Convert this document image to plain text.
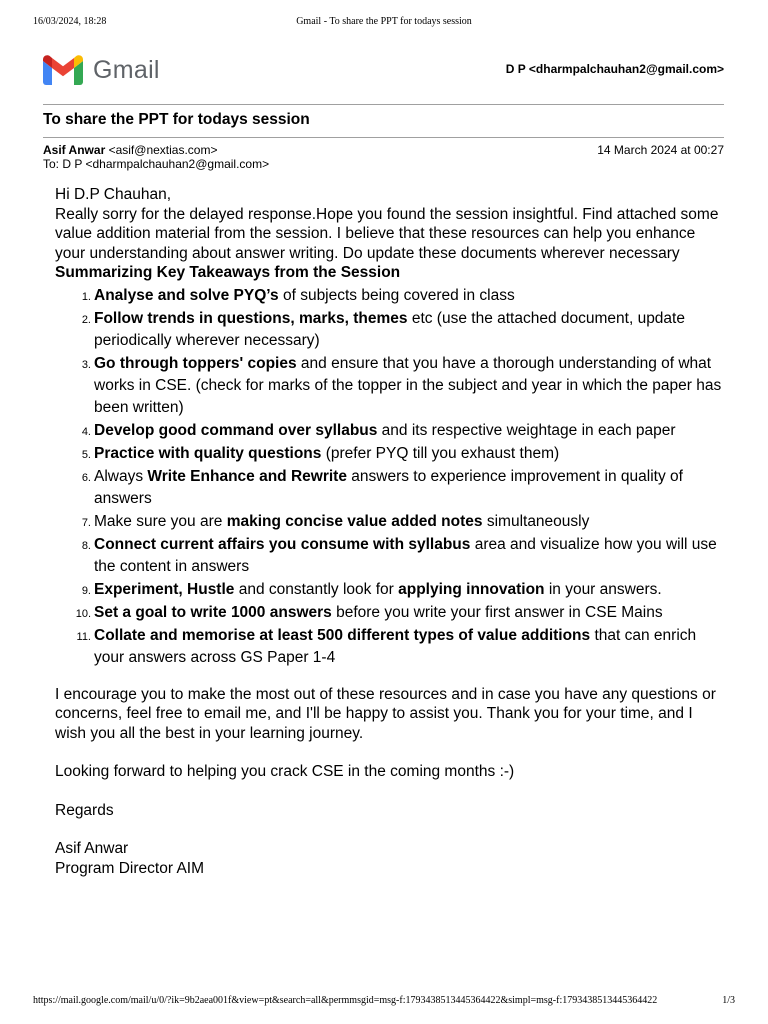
16/03/2024, 18:28	Gmail - To share the PPT for todays session
Gmail	D P <dharmpalchauhan2@gmail.com>
To share the PPT for todays session
Asif Anwar <asif@nextias.com>	14 March 2024 at 00:27
To: D P <dharmpalchauhan2@gmail.com>

Hi D.P Chauhan,

Really sorry for the delayed response.Hope you found the session insightful. Find attached some value addition material from the session. I believe that these resources can help you enhance your understanding about answer writing. Do update these documents wherever necessary

Summarizing Key Takeaways from the Session

1. Analyse and solve PYQ’s of subjects being covered in class
2. Follow trends in questions, marks, themes etc (use the attached document, update periodically wherever necessary)
3. Go through toppers' copies and ensure that you have a thorough understanding of what works in CSE. (check for marks of the topper in the subject and year in which the paper has been written)
4. Develop good command over syllabus and its respective weightage in each paper
5. Practice with quality questions (prefer PYQ till you exhaust them)
6. Always Write Enhance and Rewrite answers to experience improvement in quality of answers
7. Make sure you are making concise value added notes simultaneously
8. Connect current affairs you consume with syllabus area and visualize how you will use the content in answers
9. Experiment, Hustle and constantly look for applying innovation in your answers.
10. Set a goal to write 1000 answers before you write your first answer in CSE Mains
11. Collate and memorise at least 500 different types of value additions that can enrich your answers across GS Paper 1-4

I encourage you to make the most out of these resources and in case you have any questions or concerns, feel free to email me, and I'll be happy to assist you. Thank you for your time, and I wish you all the best in your learning journey.

Looking forward to helping you crack CSE in the coming months :-)

Regards

Asif Anwar

Program Director AIM

https://mail.google.com/mail/u/0/?ik=9b2aea001f&view=pt&search=all&permmsgid=msg-f:1793438513445364422&simpl=msg-f:1793438513445364422	1/3
